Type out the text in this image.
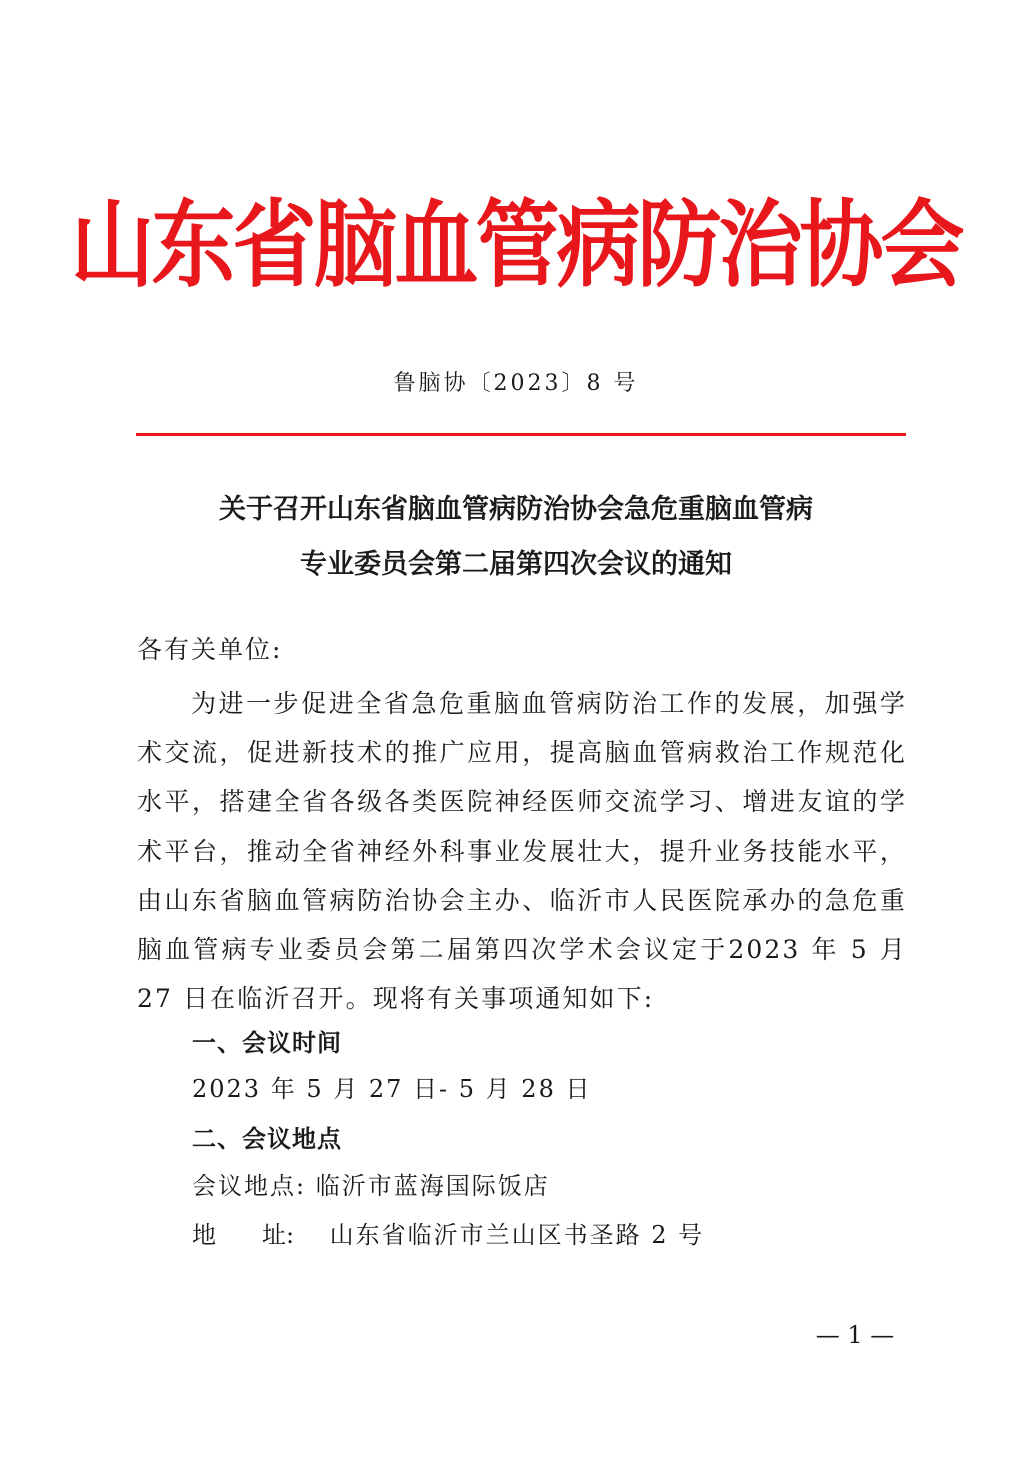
山东省脑血管病防治协会
鲁脑协〔2023〕8 号
关于召开山东省脑血管病防治协会急危重脑血管病
专业委员会第二届第四次会议的通知
各有关单位:
为进一步促进全省急危重脑血管病防治工作的发展，加强学术交流，促进新技术的推广应用，提高脑血管病救治工作规范化水平，搭建全省各级各类医院神经医师交流学习、增进友谊的学术平台，推动全省神经外科事业发展壮大，提升业务技能水平，由山东省脑血管病防治协会主办、临沂市人民医院承办的急危重脑血管病专业委员会第二届第四次学术会议定于2023 年 5 月 27 日在临沂召开。现将有关事项通知如下:
一、会议时间
2023 年 5 月 27 日- 5 月 28 日
二、会议地点
会议地点: 临沂市蓝海国际饭店
地 址: 山东省临沂市兰山区书圣路 2 号
— 1 —
